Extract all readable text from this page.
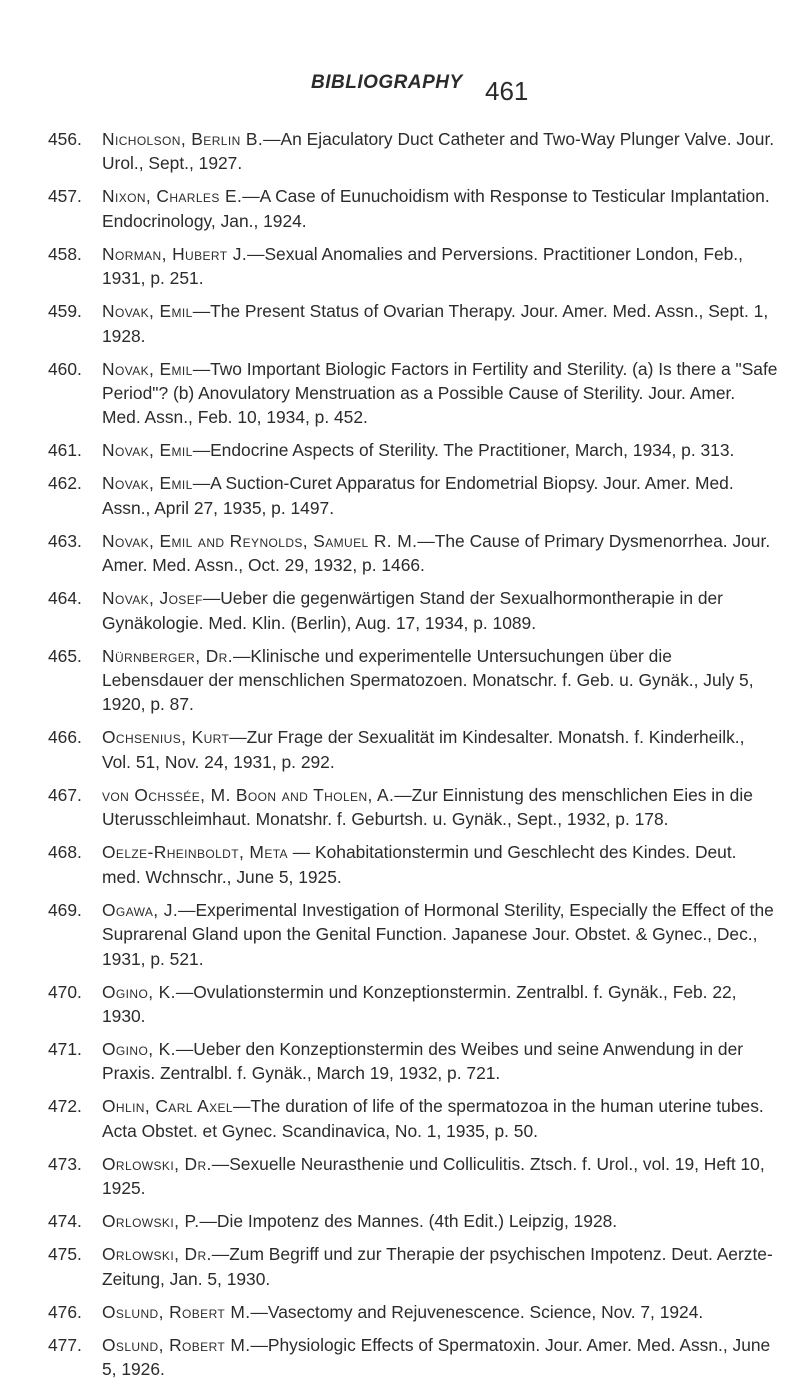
BIBLIOGRAPHY 461
456. Nicholson, Berlin B.—An Ejaculatory Duct Catheter and Two-Way Plunger Valve. Jour. Urol., Sept., 1927.
457. Nixon, Charles E.—A Case of Eunuchoidism with Response to Testicular Implantation. Endocrinology, Jan., 1924.
458. Norman, Hubert J.—Sexual Anomalies and Perversions. Practitioner London, Feb., 1931, p. 251.
459. Novak, Emil—The Present Status of Ovarian Therapy. Jour. Amer. Med. Assn., Sept. 1, 1928.
460. Novak, Emil—Two Important Biologic Factors in Fertility and Sterility. (a) Is there a "Safe Period"? (b) Anovulatory Menstruation as a Possible Cause of Sterility. Jour. Amer. Med. Assn., Feb. 10, 1934, p. 452.
461. Novak, Emil—Endocrine Aspects of Sterility. The Practitioner, March, 1934, p. 313.
462. Novak, Emil—A Suction-Curet Apparatus for Endometrial Biopsy. Jour. Amer. Med. Assn., April 27, 1935, p. 1497.
463. Novak, Emil and Reynolds, Samuel R. M.—The Cause of Primary Dysmenorrhea. Jour. Amer. Med. Assn., Oct. 29, 1932, p. 1466.
464. Novak, Josef—Ueber die gegenwärtigen Stand der Sexualhormontherapie in der Gynäkologie. Med. Klin. (Berlin), Aug. 17, 1934, p. 1089.
465. Nürnberger, Dr.—Klinische und experimentelle Untersuchungen über die Lebensdauer der menschlichen Spermatozoen. Monatschr. f. Geb. u. Gynäk., July 5, 1920, p. 87.
466. Ochsenius, Kurt—Zur Frage der Sexualität im Kindesalter. Monatsh. f. Kinderheilk., Vol. 51, Nov. 24, 1931, p. 292.
467. von Ochssée, M. Boon and Tholen, A.—Zur Einnistung des menschlichen Eies in die Uterusschleimhaut. Monatshr. f. Geburtsh. u. Gynäk., Sept., 1932, p. 178.
468. Oelze-Rheinboldt, Meta — Kohabitationstermin und Geschlecht des Kindes. Deut. med. Wchnschr., June 5, 1925.
469. Ogawa, J.—Experimental Investigation of Hormonal Sterility, Especially the Effect of the Suprarenal Gland upon the Genital Function. Japanese Jour. Obstet. & Gynec., Dec., 1931, p. 521.
470. Ogino, K.—Ovulationstermin und Konzeptionstermin. Zentralbl. f. Gynäk., Feb. 22, 1930.
471. Ogino, K.—Ueber den Konzeptionstermin des Weibes und seine Anwendung in der Praxis. Zentralbl. f. Gynäk., March 19, 1932, p. 721.
472. Ohlin, Carl Axel—The duration of life of the spermatozoa in the human uterine tubes. Acta Obstet. et Gynec. Scandinavica, No. 1, 1935, p. 50.
473. Orlowski, Dr.—Sexuelle Neurasthenie und Colliculitis. Ztsch. f. Urol., vol. 19, Heft 10, 1925.
474. Orlowski, P.—Die Impotenz des Mannes. (4th Edit.) Leipzig, 1928.
475. Orlowski, Dr.—Zum Begriff und zur Therapie der psychischen Impotenz. Deut. Aerzte-Zeitung, Jan. 5, 1930.
476. Oslund, Robert M.—Vasectomy and Rejuvenescence. Science, Nov. 7, 1924.
477. Oslund, Robert M.—Physiologic Effects of Spermatoxin. Jour. Amer. Med. Assn., June 5, 1926.
